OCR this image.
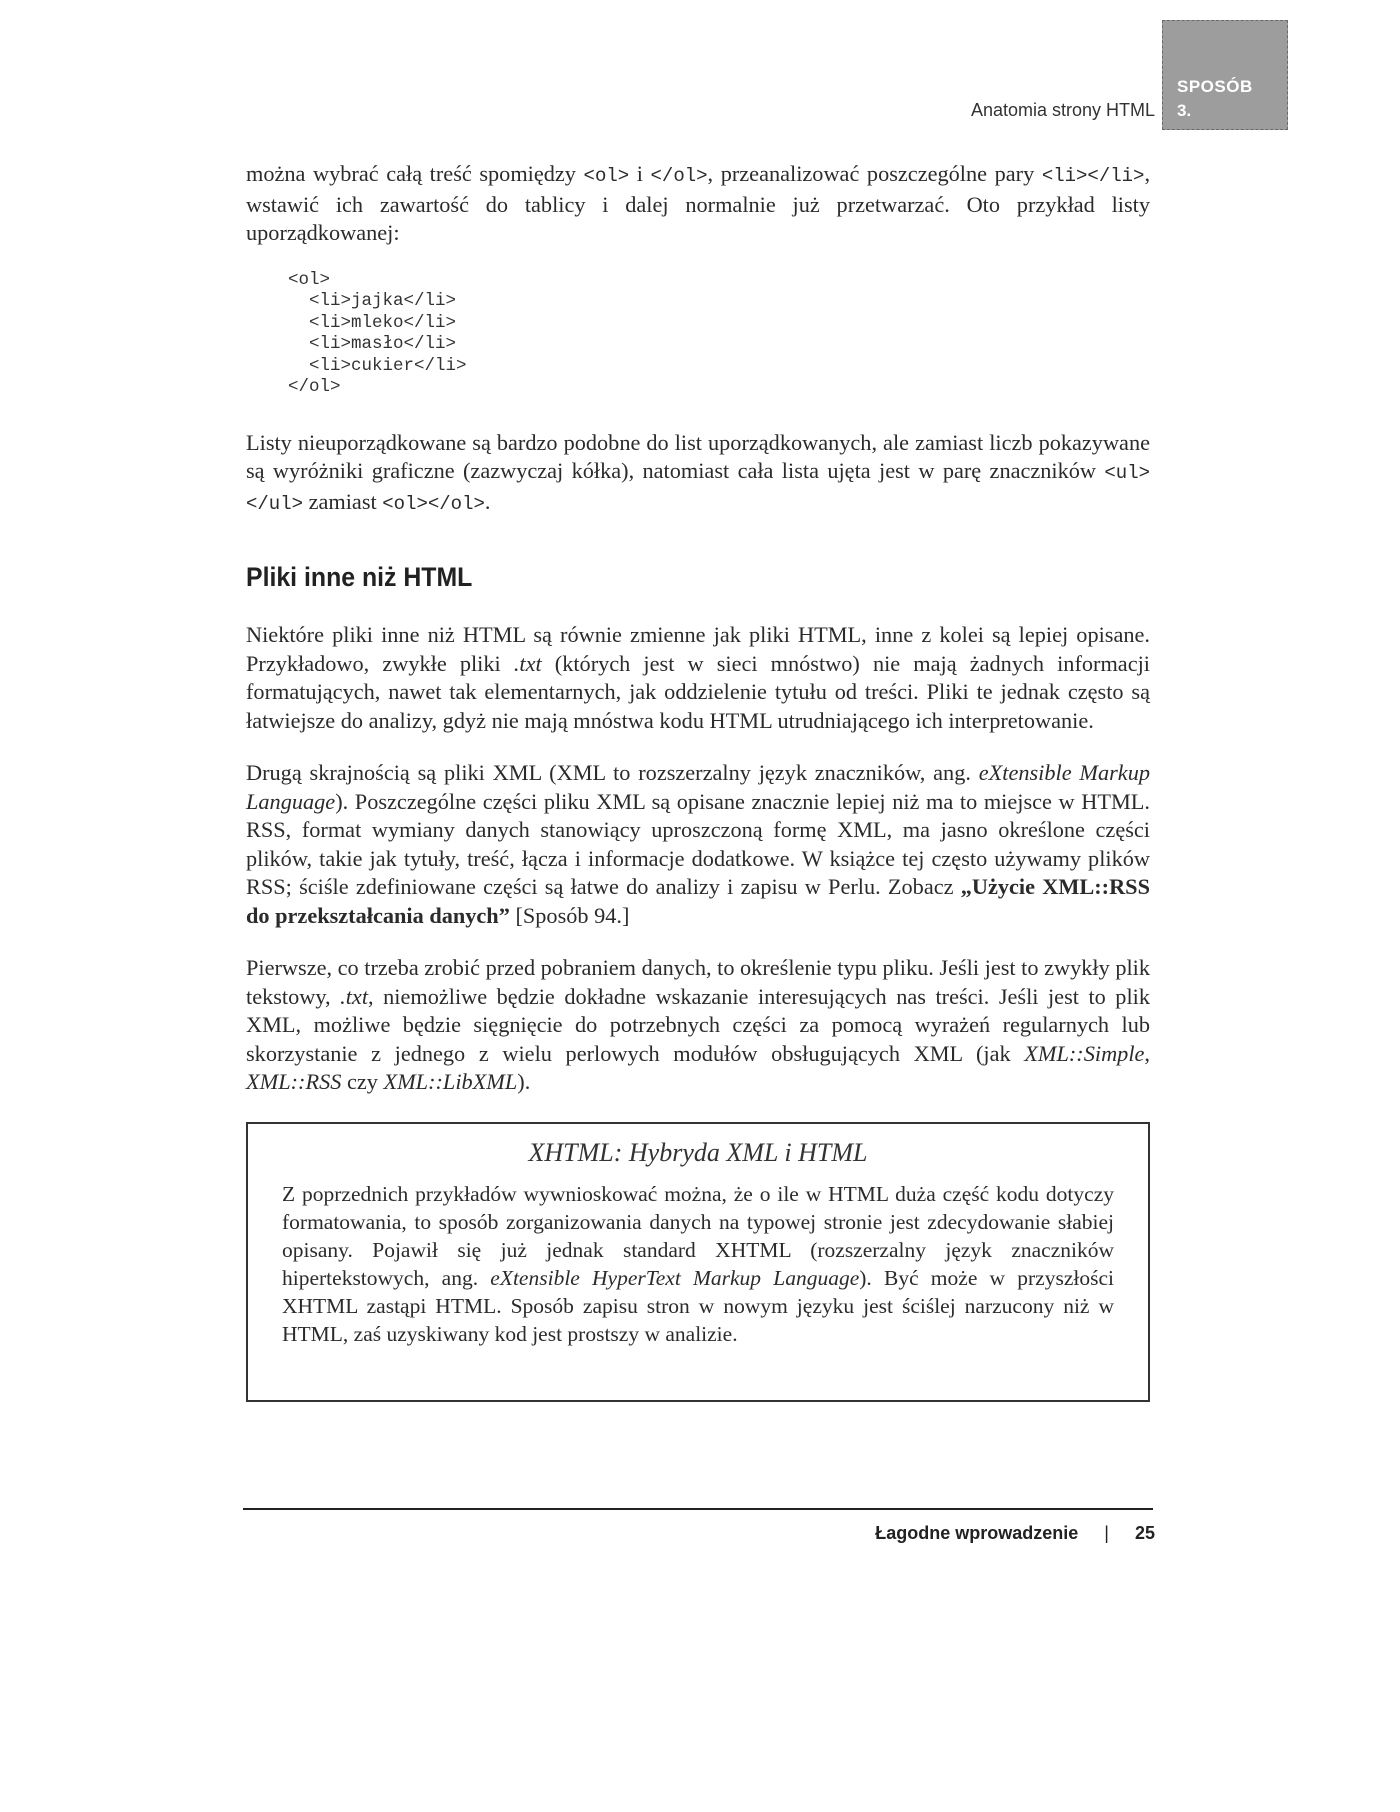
Anatomia strony HTML
SPOSÓB
3.

można wybrać całą treść spomiędzy <ol> i </ol>, przeanalizować poszczególne pary <li></li>, wstawić ich zawartość do tablicy i dalej normalnie już przetwarzać. Oto przykład listy uporządkowanej:

<ol>
<li>jajka</li>
<li>mleko</li>
<li>masło</li>
<li>cukier</li>
</ol>

Listy nieuporządkowane są bardzo podobne do list uporządkowanych, ale zamiast liczb pokazywane są wyróżniki graficzne (zazwyczaj kółka), natomiast cała lista ujęta jest w parę znaczników <ul></ul> zamiast <ol></ol>.

Pliki inne niż HTML

Niektóre pliki inne niż HTML są równie zmienne jak pliki HTML, inne z kolei są lepiej opisane. Przykładowo, zwykłe pliki .txt (których jest w sieci mnóstwo) nie mają żadnych informacji formatujących, nawet tak elementarnych, jak oddzielenie tytułu od treści. Pliki te jednak często są łatwiejsze do analizy, gdyż nie mają mnóstwa kodu HTML utrudniającego ich interpretowanie.

Drugą skrajnością są pliki XML (XML to rozszerzalny język znaczników, ang. eXtensible Markup Language). Poszczególne części pliku XML są opisane znacznie lepiej niż ma to miejsce w HTML. RSS, format wymiany danych stanowiący uproszczoną formę XML, ma jasno określone części plików, takie jak tytuły, treść, łącza i informacje dodatkowe. W książce tej często używamy plików RSS; ściśle zdefiniowane części są łatwe do analizy i zapisu w Perlu. Zobacz „Użycie XML::RSS do przekształcania danych” [Sposób 94.]

Pierwsze, co trzeba zrobić przed pobraniem danych, to określenie typu pliku. Jeśli jest to zwykły plik tekstowy, .txt, niemożliwe będzie dokładne wskazanie interesujących nas treści. Jeśli jest to plik XML, możliwe będzie sięgnięcie do potrzebnych części za pomocą wyrażeń regularnych lub skorzystanie z jednego z wielu perlowych modułów obsługujących XML (jak XML::Simple, XML::RSS czy XML::LibXML).

XHTML: Hybryda XML i HTML

Z poprzednich przykładów wywnioskować można, że o ile w HTML duża część kodu dotyczy formatowania, to sposób zorganizowania danych na typowej stronie jest zdecydowanie słabiej opisany. Pojawił się już jednak standard XHTML (rozszerzalny język znaczników hipertekstowych, ang. eXtensible HyperText Markup Language). Być może w przyszłości XHTML zastąpi HTML. Sposób zapisu stron w nowym języku jest ściślej narzucony niż w HTML, zaś uzyskiwany kod jest prostszy w analizie.

Łagodne wprowadzenie | 25
